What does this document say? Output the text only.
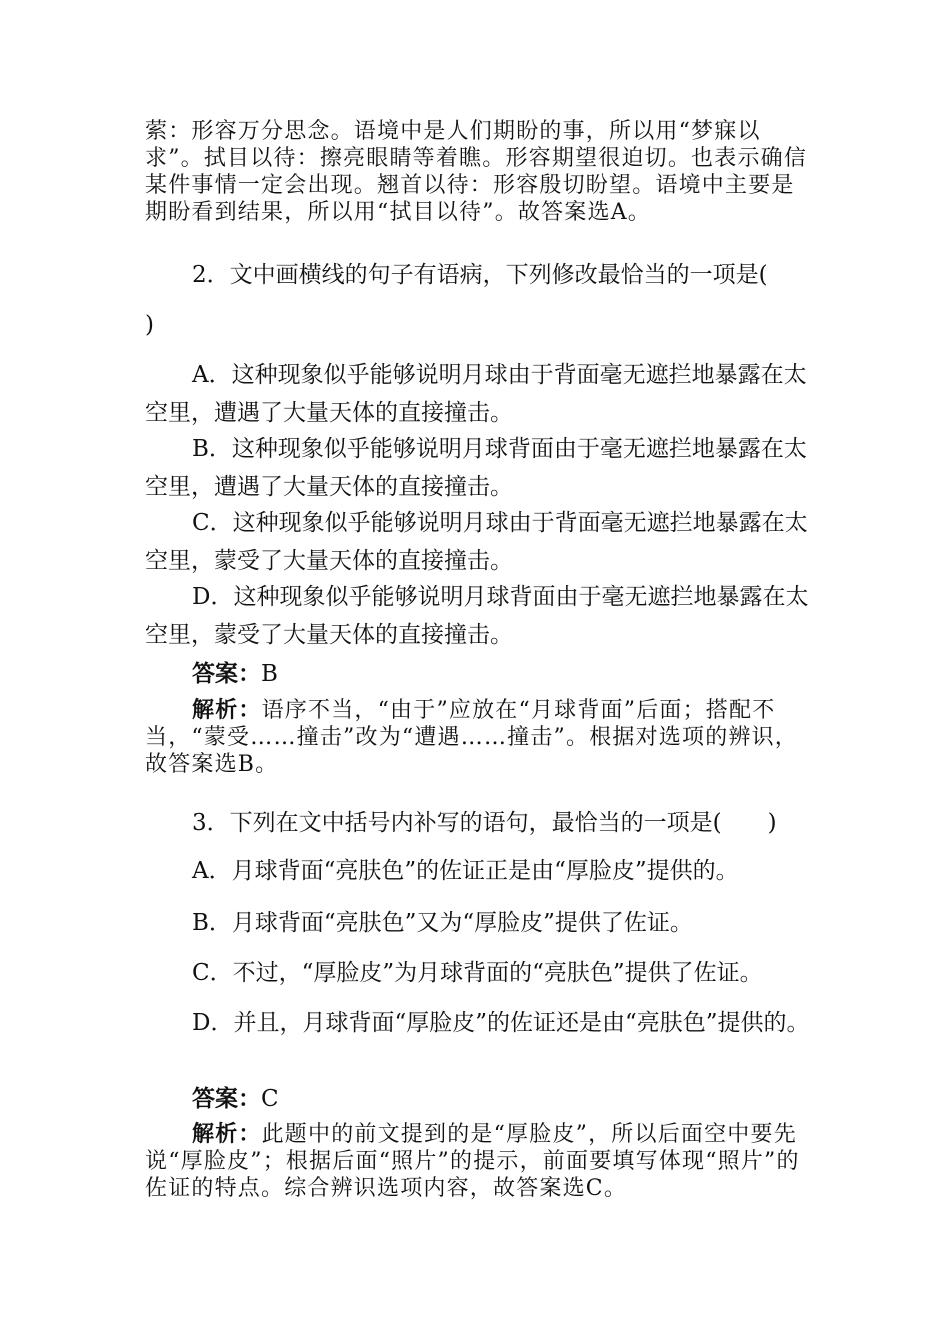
萦：形容万分思念。语境中是人们期盼的事，所以用“梦寐以求”。拭目以待：擦亮眼睛等着瞧。形容期望很迫切。也表示确信某件事情一定会出现。翘首以待：形容殷切盼望。语境中主要是期盼看到结果，所以用“拭目以待”。故答案选A。

2．文中画横线的句子有语病，下列修改最恰当的一项是(

)

A．这种现象似乎能够说明月球由于背面毫无遮拦地暴露在太空里，遭遇了大量天体的直接撞击。

B．这种现象似乎能够说明月球背面由于毫无遮拦地暴露在太空里，遭遇了大量天体的直接撞击。

C．这种现象似乎能够说明月球由于背面毫无遮拦地暴露在太空里，蒙受了大量天体的直接撞击。

D．这种现象似乎能够说明月球背面由于毫无遮拦地暴露在太空里，蒙受了大量天体的直接撞击。

答案：B

解析：语序不当，“由于”应放在“月球背面”后面；搭配不当，“蒙受……撞击”改为“遭遇……撞击”。根据对选项的辨识，故答案选B。

3．下列在文中括号内补写的语句，最恰当的一项是(　　)

A．月球背面“亮肤色”的佐证正是由“厚脸皮”提供的。

B．月球背面“亮肤色”又为“厚脸皮”提供了佐证。

C．不过，“厚脸皮”为月球背面的“亮肤色”提供了佐证。

D．并且，月球背面“厚脸皮”的佐证还是由“亮肤色”提供的。

答案：C

解析：此题中的前文提到的是“厚脸皮”，所以后面空中要先说“厚脸皮”；根据后面“照片”的提示，前面要填写体现“照片”的佐证的特点。综合辨识选项内容，故答案选C。
